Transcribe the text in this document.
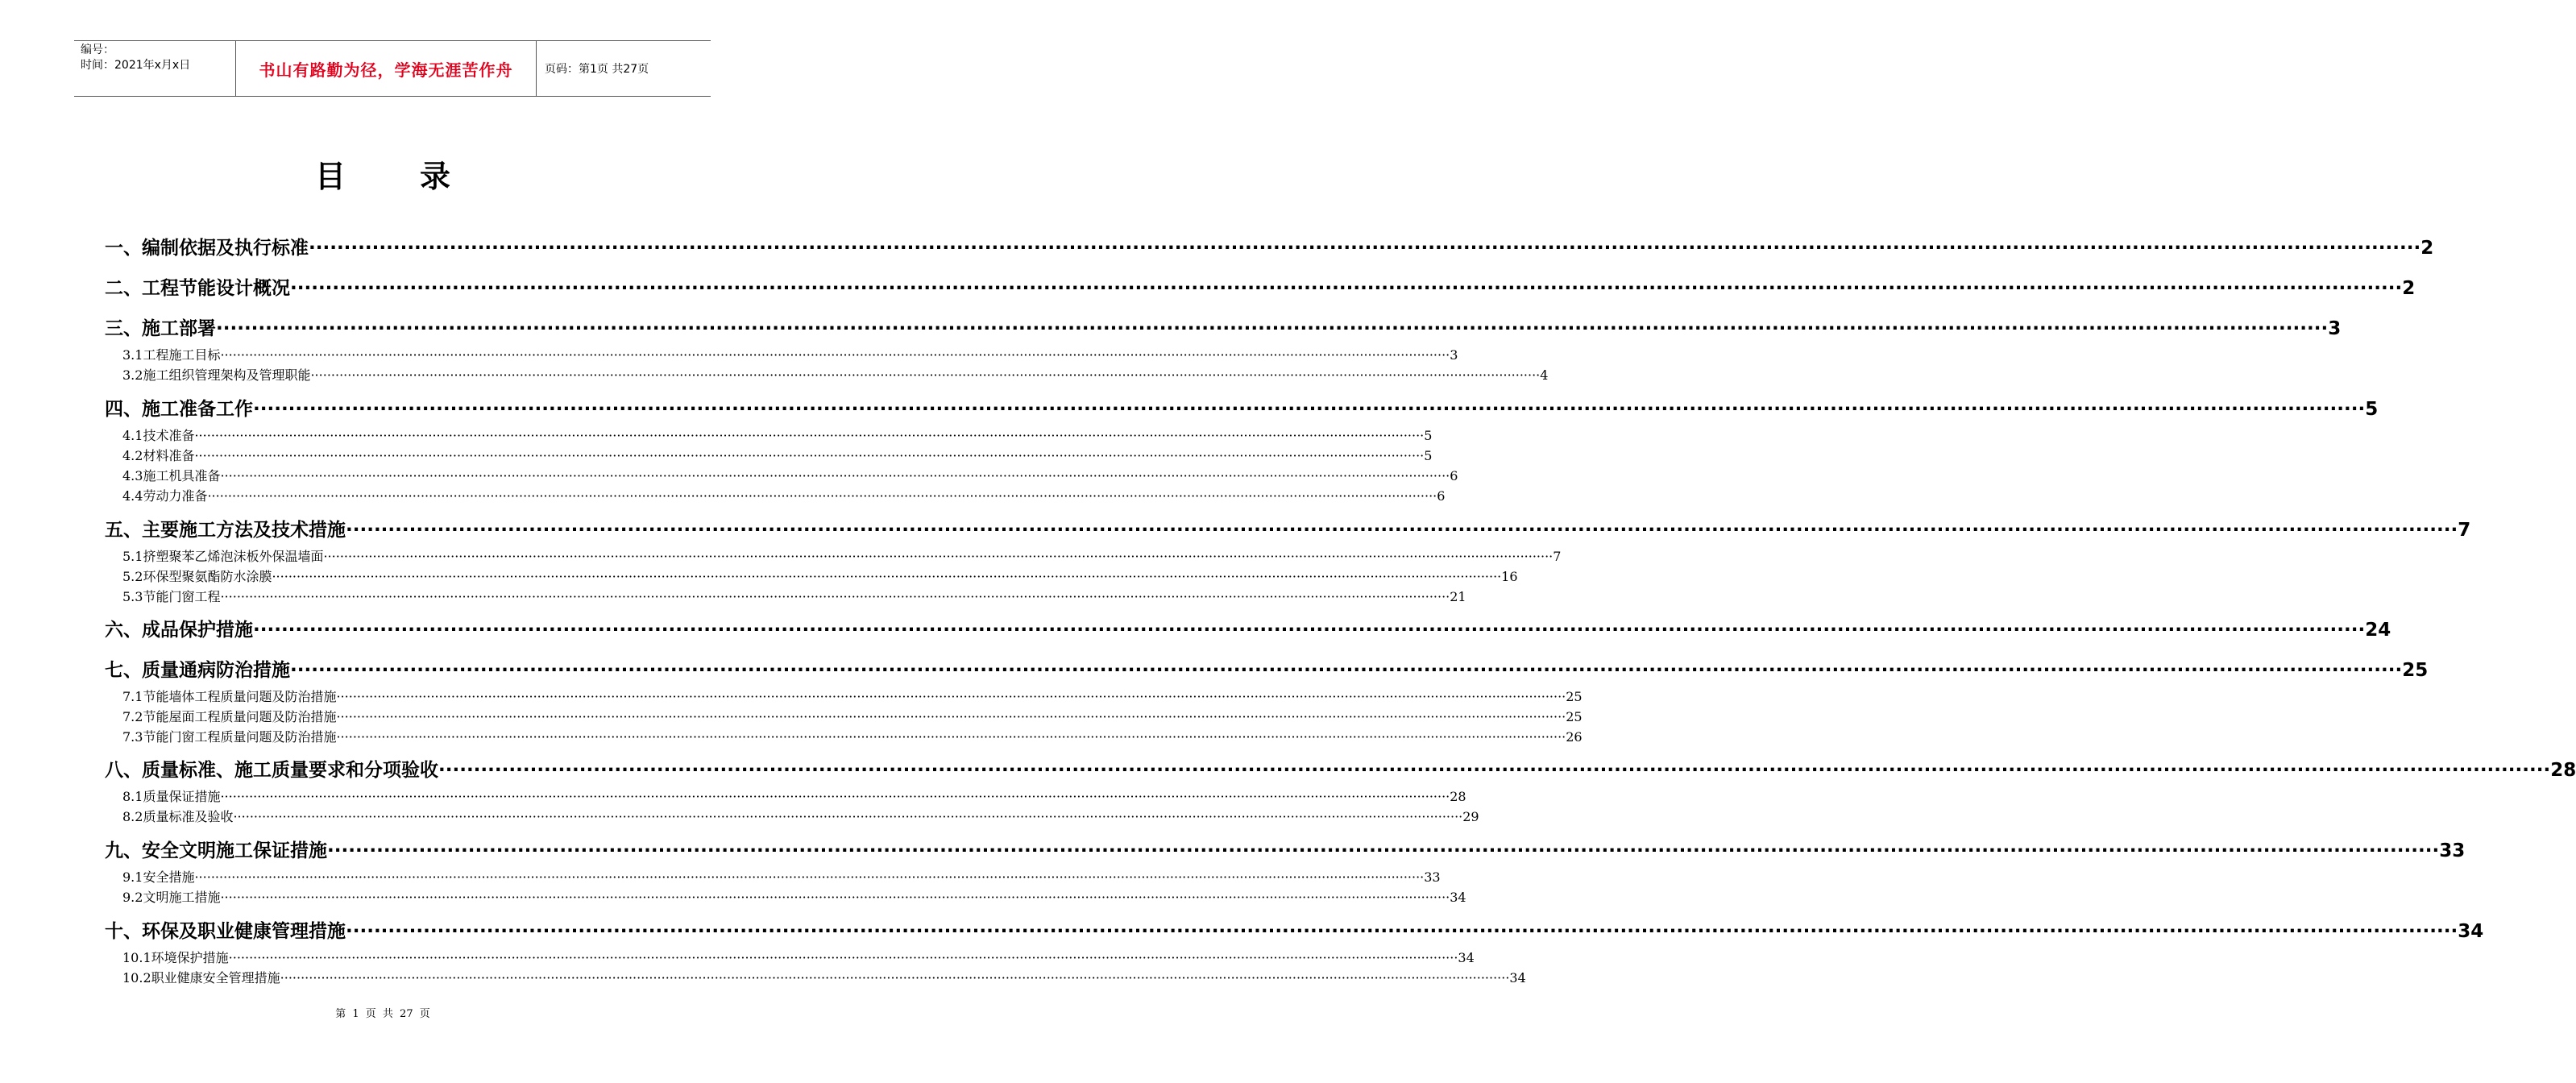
编号：
时间：2021年x月x日	书山有路勤为径，学海无涯苦作舟	页码：第1页 共27页
目录
一、编制依据及执行标准 ············································································································································································································································································································ 2
二、工程节能设计概况 ············································································································································································································································································································ 2
三、施工部署 ············································································································································································································································································································ 3
3.1 工程施工目标 ············································································································································································································································································································ 3
3.2 施工组织管理架构及管理职能 ············································································································································································································································································································ 4
四、施工准备工作 ············································································································································································································································································································ 5
4.1 技术准备 ············································································································································································································································································································ 5
4.2 材料准备 ············································································································································································································································································································ 5
4.3 施工机具准备 ············································································································································································································································································································ 6
4.4 劳动力准备 ············································································································································································································································································································ 6
五、主要施工方法及技术措施 ············································································································································································································································································································ 7
5.1 挤塑聚苯乙烯泡沫板外保温墙面 ············································································································································································································································································································ 7
5.2 环保型聚氨酯防水涂膜 ············································································································································································································································································································ 16
5.3 节能门窗工程 ············································································································································································································································································································ 21
六、成品保护措施 ············································································································································································································································································································ 24
七、质量通病防治措施 ············································································································································································································································································································ 25
7.1 节能墙体工程质量问题及防治措施 ············································································································································································································································································································ 25
7.2 节能屋面工程质量问题及防治措施 ············································································································································································································································································································ 25
7.3 节能门窗工程质量问题及防治措施 ············································································································································································································································································································ 26
八、质量标准、施工质量要求和分项验收 ············································································································································································································································································································ 28
8.1 质量保证措施 ············································································································································································································································································································ 28
8.2 质量标准及验收 ············································································································································································································································································································ 29
九、安全文明施工保证措施 ············································································································································································································································································································ 33
9.1 安全措施 ············································································································································································································································································································ 33
9.2 文明施工措施 ············································································································································································································································································································ 34
十、环保及职业健康管理措施 ············································································································································································································································································································ 34
10.1 环境保护措施 ············································································································································································································································································································ 34
10.2 职业健康安全管理措施 ············································································································································································································································································································ 34
第 1 页 共 27 页
